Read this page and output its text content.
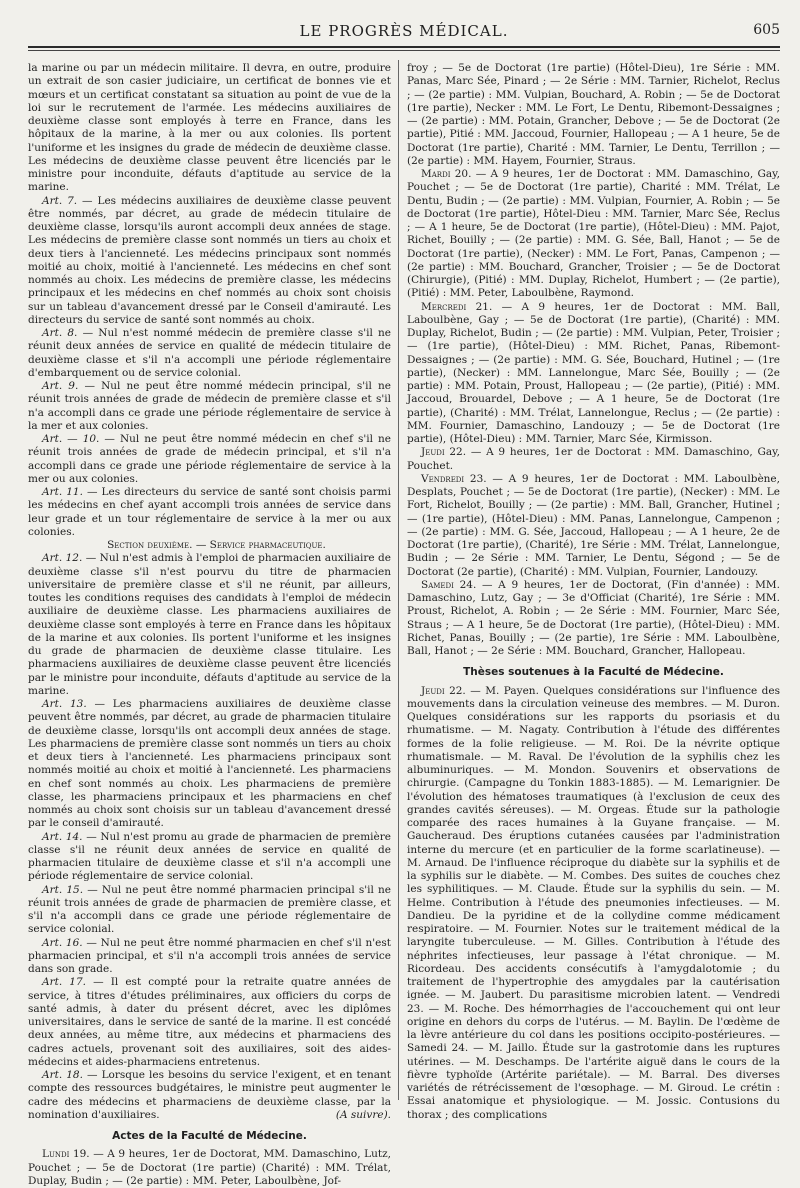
LE PROGRÈS MÉDICAL.	605

la marine ou par un médecin militaire. Il devra, en outre, produire un extrait de son casier judiciaire, un certificat de bonnes vie et mœurs et un certificat constatant sa situation au point de vue de la loi sur le recrutement de l'armée. Les médecins auxiliaires de deuxième classe sont employés à terre en France, dans les hôpitaux de la marine, à la mer ou aux colonies. Ils portent l'uniforme et les insignes du grade de médecin de deuxième classe. Les médecins de deuxième classe peuvent être licenciés par le ministre pour inconduite, défauts d'aptitude au service de la marine.

Art. 7. — Les médecins auxiliaires de deuxième classe peuvent être nommés, par décret, au grade de médecin titulaire de deuxième classe, lorsqu'ils auront accompli deux années de stage. Les médecins de première classe sont nommés un tiers au choix et deux tiers à l'ancienneté. Les médecins principaux sont nommés moitié au choix, moitié à l'ancienneté. Les médecins en chef sont nommés au choix. Les médecins de première classe, les médecins principaux et les médecins en chef nommés au choix sont choisis sur un tableau d'avancement dressé par le Conseil d'amirauté. Les directeurs du service de santé sont nommés au choix.

Art. 8. — Nul n'est nommé médecin de première classe s'il ne réunit deux années de service en qualité de médecin titulaire de deuxième classe et s'il n'a accompli une période réglementaire d'embarquement ou de service colonial.

Art. 9. — Nul ne peut être nommé médecin principal, s'il ne réunit trois années de grade de médecin de première classe et s'il n'a accompli dans ce grade une période réglementaire de service à la mer et aux colonies.

Art. — 10. — Nul ne peut être nommé médecin en chef s'il ne réunit trois années de grade de médecin principal, et s'il n'a accompli dans ce grade une période réglementaire de service à la mer ou aux colonies.

Art. 11. — Les directeurs du service de santé sont choisis parmi les médecins en chef ayant accompli trois années de service dans leur grade et un tour réglementaire de service à la mer ou aux colonies.

Section deuxième. — Service pharmaceutique.

Art. 12. — Nul n'est admis à l'emploi de pharmacien auxiliaire de deuxième classe s'il n'est pourvu du titre de pharmacien universitaire de première classe et s'il ne réunit, par ailleurs, toutes les conditions requises des candidats à l'emploi de médecin auxiliaire de deuxième classe. Les pharmaciens auxiliaires de deuxième classe sont employés à terre en France dans les hôpitaux de la marine et aux colonies. Ils portent l'uniforme et les insignes du grade de pharmacien de deuxième classe titulaire. Les pharmaciens auxiliaires de deuxième classe peuvent être licenciés par le ministre pour inconduite, défauts d'aptitude au service de la marine.

Art. 13. — Les pharmaciens auxiliaires de deuxième classe peuvent être nommés, par décret, au grade de pharmacien titulaire de deuxième classe, lorsqu'ils ont accompli deux années de stage. Les pharmaciens de première classe sont nommés un tiers au choix et deux tiers à l'ancienneté. Les pharmaciens principaux sont nommés moitié au choix et moitié à l'ancienneté. Les pharmaciens en chef sont nommés au choix. Les pharmaciens de première classe, les pharmaciens principaux et les pharmaciens en chef nommés au choix sont choisis sur un tableau d'avancement dressé par le conseil d'amirauté.

Art. 14. — Nul n'est promu au grade de pharmacien de première classe s'il ne réunit deux années de service en qualité de pharmacien titulaire de deuxième classe et s'il n'a accompli une période réglementaire de service colonial.

Art. 15. — Nul ne peut être nommé pharmacien principal s'il ne réunit trois années de grade de pharmacien de première classe, et s'il n'a accompli dans ce grade une période réglementaire de service colonial.

Art. 16. — Nul ne peut être nommé pharmacien en chef s'il n'est pharmacien principal, et s'il n'a accompli trois années de service dans son grade.

Art. 17. — Il est compté pour la retraite quatre années de service, à titres d'études préliminaires, aux officiers du corps de santé admis, à dater du présent décret, avec les diplômes universitaires, dans le service de santé de la marine. Il est concédé deux années, au même titre, aux médecins et pharmaciens des cadres actuels, provenant soit des auxiliaires, soit des aides-médecins et aides-pharmaciens entretenus.

Art. 18. — Lorsque les besoins du service l'exigent, et en tenant compte des ressources budgétaires, le ministre peut augmenter le cadre des médecins et pharmaciens de deuxième classe, par la nomination d'auxiliaires.	(A suivre).

Actes de la Faculté de Médecine.

Lundi 19. — A 9 heures, 1er de Doctorat, MM. Damaschino, Lutz, Pouchet ; — 5e de Doctorat (1re partie) (Charité) : MM. Trélat, Duplay, Budin ; — (2e partie) : MM. Peter, Laboulbène, Jof-

froy ; — 5e de Doctorat (1re partie) (Hôtel-Dieu), 1re Série : MM. Panas, Marc Sée, Pinard ; — 2e Série : MM. Tarnier, Richelot, Reclus ; — (2e partie) : MM. Vulpian, Bouchard, A. Robin ; — 5e de Doctorat (1re partie), Necker : MM. Le Fort, Le Dentu, Ribemont-Dessaignes ; — (2e partie) : MM. Potain, Grancher, Debove ; — 5e de Doctorat (2e partie), Pitié : MM. Jaccoud, Fournier, Hallopeau ; — A 1 heure, 5e de Doctorat (1re partie), Charité : MM. Tarnier, Le Dentu, Terrillon ; — (2e partie) : MM. Hayem, Fournier, Straus.

Mardi 20. — A 9 heures, 1er de Doctorat : MM. Damaschino, Gay, Pouchet ; — 5e de Doctorat (1re partie), Charité : MM. Trélat, Le Dentu, Budin ; — (2e partie) : MM. Vulpian, Fournier, A. Robin ; — 5e de Doctorat (1re partie), Hôtel-Dieu : MM. Tarnier, Marc Sée, Reclus ; — A 1 heure, 5e de Doctorat (1re partie), (Hôtel-Dieu) : MM. Pajot, Richet, Bouilly ; — (2e partie) : MM. G. Sée, Ball, Hanot ; — 5e de Doctorat (1re partie), (Necker) : MM. Le Fort, Panas, Campenon ; — (2e partie) : MM. Bouchard, Grancher, Troisier ; — 5e de Doctorat (Chirurgie), (Pitié) : MM. Duplay, Richelot, Humbert ; — (2e partie), (Pitié) : MM. Peter, Laboulbène, Raymond.

Mercredi 21. — A 9 heures, 1er de Doctorat : MM. Ball, Laboulbène, Gay ; — 5e de Doctorat (1re partie), (Charité) : MM. Duplay, Richelot, Budin ; — (2e partie) : MM. Vulpian, Peter, Troisier ; — (1re partie), (Hôtel-Dieu) : MM. Richet, Panas, Ribemont-Dessaignes ; — (2e partie) : MM. G. Sée, Bouchard, Hutinel ; — (1re partie), (Necker) : MM. Lannelongue, Marc Sée, Bouilly ; — (2e partie) : MM. Potain, Proust, Hallopeau ; — (2e partie), (Pitié) : MM. Jaccoud, Brouardel, Debove ; — A 1 heure, 5e de Doctorat (1re partie), (Charité) : MM. Trélat, Lannelongue, Reclus ; — (2e partie) : MM. Fournier, Damaschino, Landouzy ; — 5e de Doctorat (1re partie), (Hôtel-Dieu) : MM. Tarnier, Marc Sée, Kirmisson.

Jeudi 22. — A 9 heures, 1er de Doctorat : MM. Damaschino, Gay, Pouchet.

Vendredi 23. — A 9 heures, 1er de Doctorat : MM. Laboulbène, Desplats, Pouchet ; — 5e de Doctorat (1re partie), (Necker) : MM. Le Fort, Richelot, Bouilly ; — (2e partie) : MM. Ball, Grancher, Hutinel ; — (1re partie), (Hôtel-Dieu) : MM. Panas, Lannelongue, Campenon ; — (2e partie) : MM. G. Sée, Jaccoud, Hallopeau ; — A 1 heure, 2e de Doctorat (1re partie), (Charité), 1re Série : MM. Trélat, Lannelongue, Budin ; — 2e Série : MM. Tarnier, Le Dentu, Ségond ; — 5e de Doctorat (2e partie), (Charité) : MM. Vulpian, Fournier, Landouzy.

Samedi 24. — A 9 heures, 1er de Doctorat, (Fin d'année) : MM. Damaschino, Lutz, Gay ; — 3e d'Officiat (Charité), 1re Série : MM. Proust, Richelot, A. Robin ; — 2e Série : MM. Fournier, Marc Sée, Straus ; — A 1 heure, 5e de Doctorat (1re partie), (Hôtel-Dieu) : MM. Richet, Panas, Bouilly ; — (2e partie), 1re Série : MM. Laboulbène, Ball, Hanot ; — 2e Série : MM. Bouchard, Grancher, Hallopeau.

Thèses soutenues à la Faculté de Médecine.

Jeudi 22. — M. Payen. Quelques considérations sur l'influence des mouvements dans la circulation veineuse des membres. — M. Duron. Quelques considérations sur les rapports du psoriasis et du rhumatisme. — M. Nagaty. Contribution à l'étude des différentes formes de la folie religieuse. — M. Roi. De la névrite optique rhumatismale. — M. Raval. De l'évolution de la syphilis chez les albuminuriques. — M. Mondon. Souvenirs et observations de chirurgie. (Campagne du Tonkin 1883-1885). — M. Lemarignier. De l'évolution des hématoses traumatiques (à l'exclusion de ceux des grandes cavités séreuses). — M. Orgeas. Étude sur la pathologie comparée des races humaines à la Guyane française. — M. Gaucheraud. Des éruptions cutanées causées par l'administration interne du mercure (et en particulier de la forme scarlatineuse). — M. Arnaud. De l'influence réciproque du diabète sur la syphilis et de la syphilis sur le diabète. — M. Combes. Des suites de couches chez les syphilitiques. — M. Claude. Étude sur la syphilis du sein. — M. Helme. Contribution à l'étude des pneumonies infectieuses. — M. Dandieu. De la pyridine et de la collydine comme médicament respiratoire. — M. Fournier. Notes sur le traitement médical de la laryngite tuberculeuse. — M. Gilles. Contribution à l'étude des néphrites infectieuses, leur passage à l'état chronique. — M. Ricordeau. Des accidents consécutifs à l'amygdalotomie ; du traitement de l'hypertrophie des amygdales par la cautérisation ignée. — M. Jaubert. Du parasitisme microbien latent. — Vendredi 23. — M. Roche. Des hémorrhagies de l'accouchement qui ont leur origine en dehors du corps de l'utérus. — M. Baylin. De l'œdème de la lèvre antérieure du col dans les positions occipito-postérieures. — Samedi 24. — M. Jaillo. Étude sur la gastrotomie dans les ruptures utérines. — M. Deschamps. De l'artérite aiguë dans le cours de la fièvre typhoïde (Artérite pariétale). — M. Barral. Des diverses variétés de rétrécissement de l'œsophage. — M. Giroud. Le crétin : Essai anatomique et physiologique. — M. Jossic. Contusions du thorax ; des complications
